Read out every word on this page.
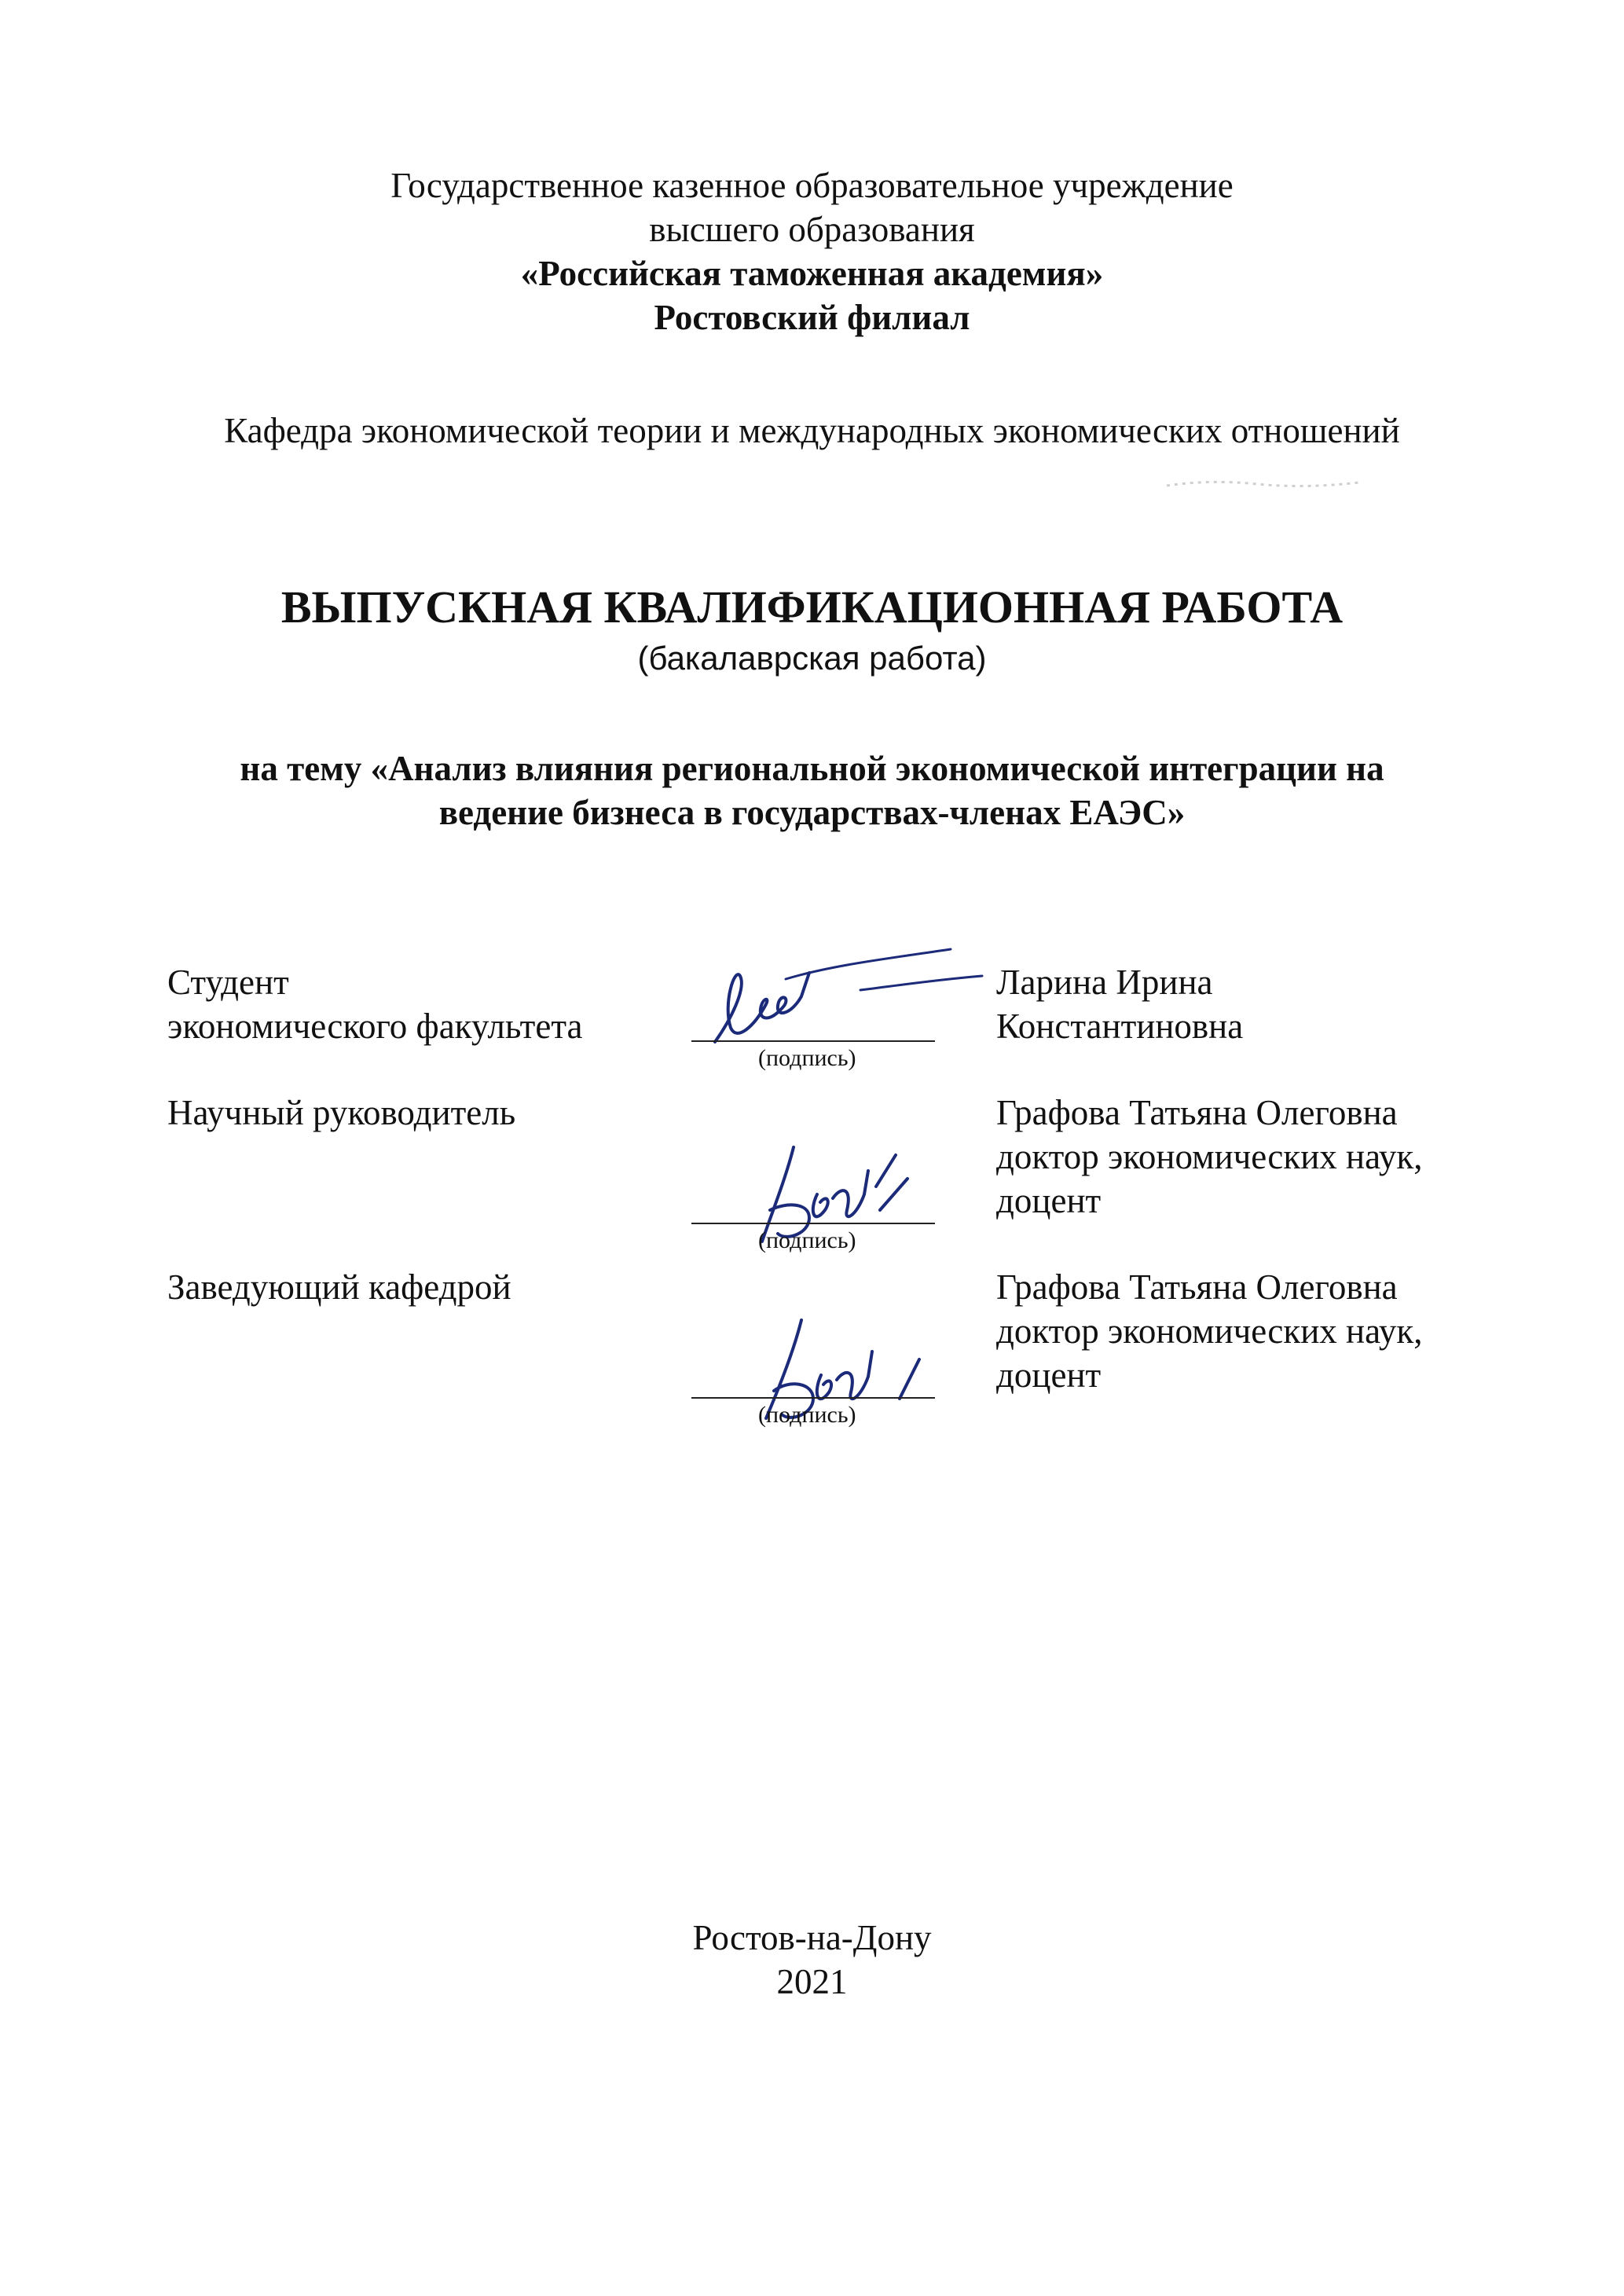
Государственное казенное образовательное учреждение
высшего образования
«Российская таможенная академия»
Ростовский филиал
Кафедра экономической теории и международных экономических отношений
ВЫПУСКНАЯ КВАЛИФИКАЦИОННАЯ РАБОТА
(бакалаврская работа)
на тему «Анализ влияния региональной экономической интеграции на
ведение бизнеса в государствах-членах ЕАЭС»
Студент
экономического факультета
(подпись)
Ларина Ирина
Константиновна
Научный руководитель
(подпись)
Графова Татьяна Олеговна
доктор экономических наук,
доцент
Заведующий кафедрой
(подпись)
Графова Татьяна Олеговна
доктор экономических наук,
доцент
Ростов-на-Дону
2021
